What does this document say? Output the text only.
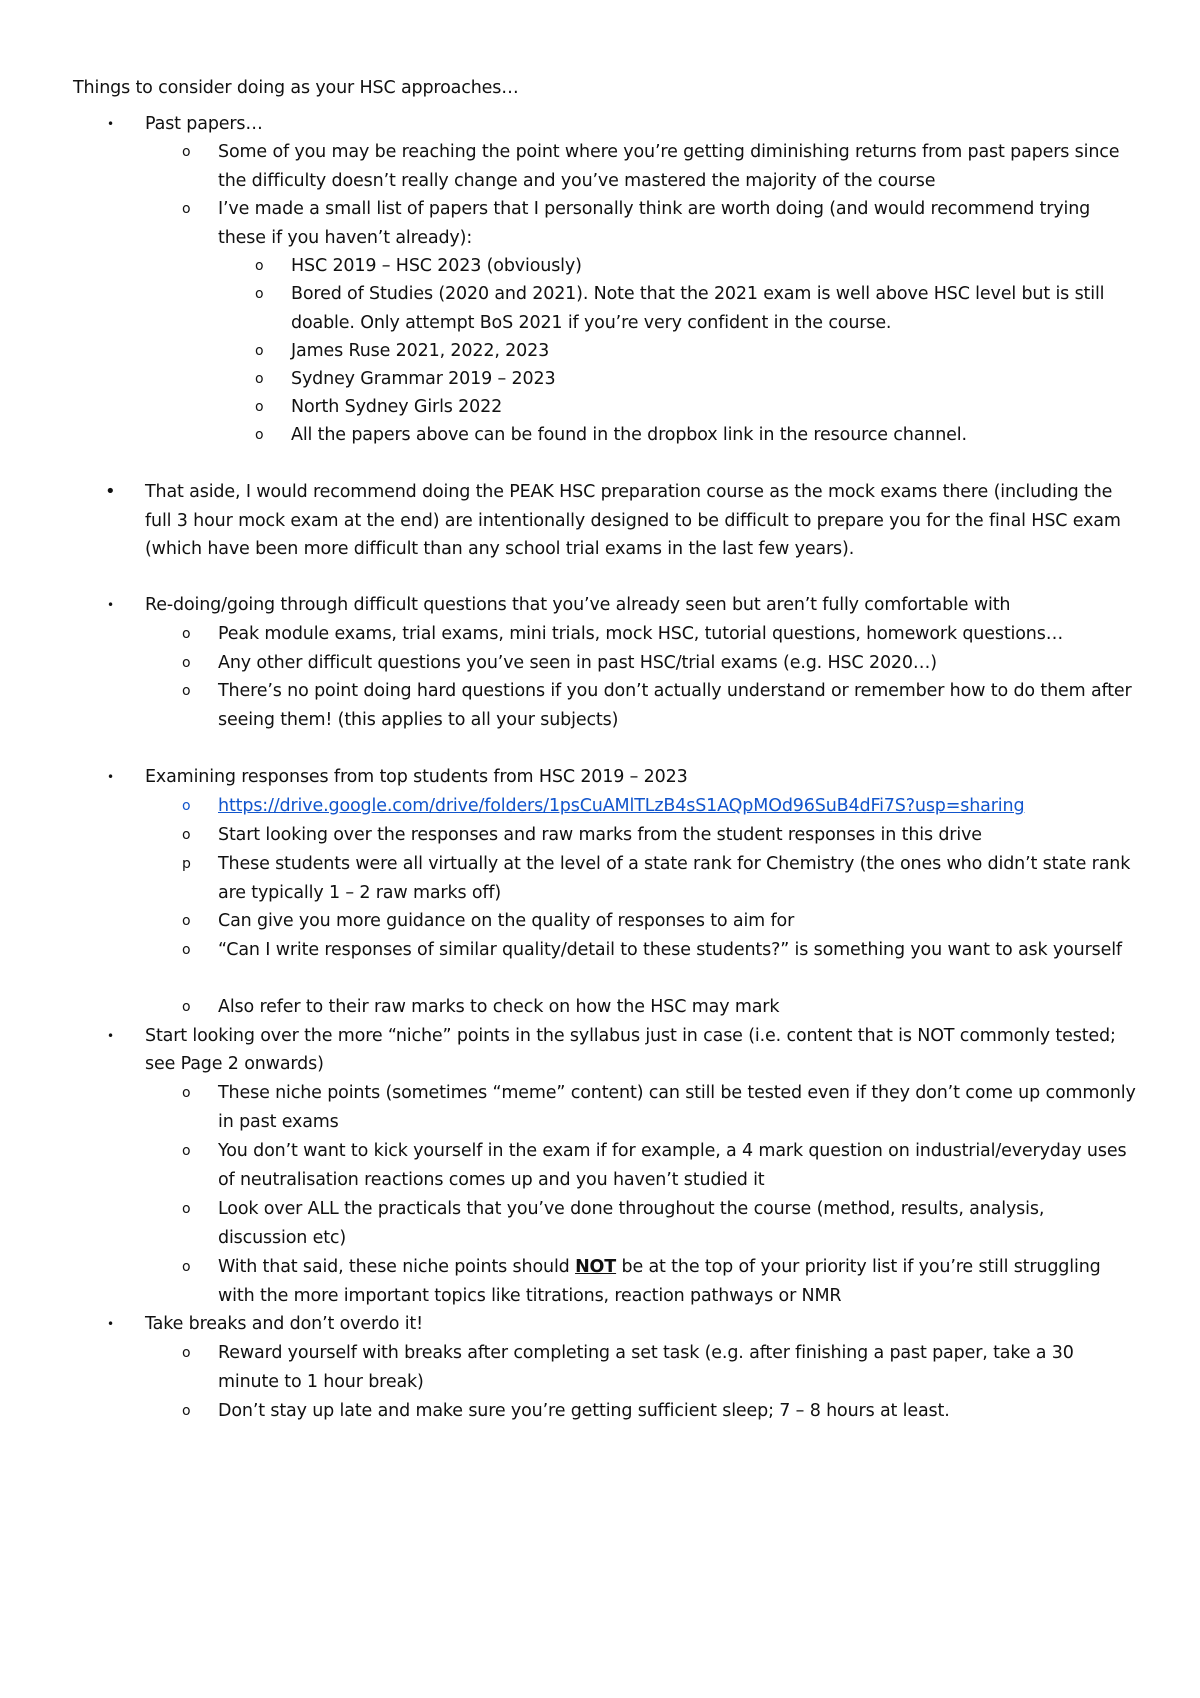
Things to consider doing as your HSC approaches…
• Past papers…
o Some of you may be reaching the point where you’re getting diminishing returns from past papers since the difficulty doesn’t really change and you’ve mastered the majority of the course
o I’ve made a small list of papers that I personally think are worth doing (and would recommend trying these if you haven’t already):
o HSC 2019 – HSC 2023 (obviously)
o Bored of Studies (2020 and 2021). Note that the 2021 exam is well above HSC level but is still doable. Only attempt BoS 2021 if you’re very confident in the course.
o James Ruse 2021, 2022, 2023
o Sydney Grammar 2019 – 2023
o North Sydney Girls 2022
o All the papers above can be found in the dropbox link in the resource channel.
• That aside, I would recommend doing the PEAK HSC preparation course as the mock exams there (including the full 3 hour mock exam at the end) are intentionally designed to be difficult to prepare you for the final HSC exam (which have been more difficult than any school trial exams in the last few years).
• Re-doing/going through difficult questions that you’ve already seen but aren’t fully comfortable with
o Peak module exams, trial exams, mini trials, mock HSC, tutorial questions, homework questions…
o Any other difficult questions you’ve seen in past HSC/trial exams (e.g. HSC 2020…)
o There’s no point doing hard questions if you don’t actually understand or remember how to do them after seeing them! (this applies to all your subjects)
• Examining responses from top students from HSC 2019 – 2023
o https://drive.google.com/drive/folders/1psCuAMlTLzB4sS1AQpMOd96SuB4dFi7S?usp=sharing
o Start looking over the responses and raw marks from the student responses in this drive
p These students were all virtually at the level of a state rank for Chemistry (the ones who didn’t state rank are typically 1 – 2 raw marks off)
o Can give you more guidance on the quality of responses to aim for
o “Can I write responses of similar quality/detail to these students?” is something you want to ask yourself
o Also refer to their raw marks to check on how the HSC may mark
• Start looking over the more “niche” points in the syllabus just in case (i.e. content that is NOT commonly tested; see Page 2 onwards)
o These niche points (sometimes “meme” content) can still be tested even if they don’t come up commonly in past exams
o You don’t want to kick yourself in the exam if for example, a 4 mark question on industrial/everyday uses of neutralisation reactions comes up and you haven’t studied it
o Look over ALL the practicals that you’ve done throughout the course (method, results, analysis, discussion etc)
o With that said, these niche points should NOT be at the top of your priority list if you’re still struggling with the more important topics like titrations, reaction pathways or NMR
• Take breaks and don’t overdo it!
o Reward yourself with breaks after completing a set task (e.g. after finishing a past paper, take a 30 minute to 1 hour break)
o Don’t stay up late and make sure you’re getting sufficient sleep; 7 – 8 hours at least.
